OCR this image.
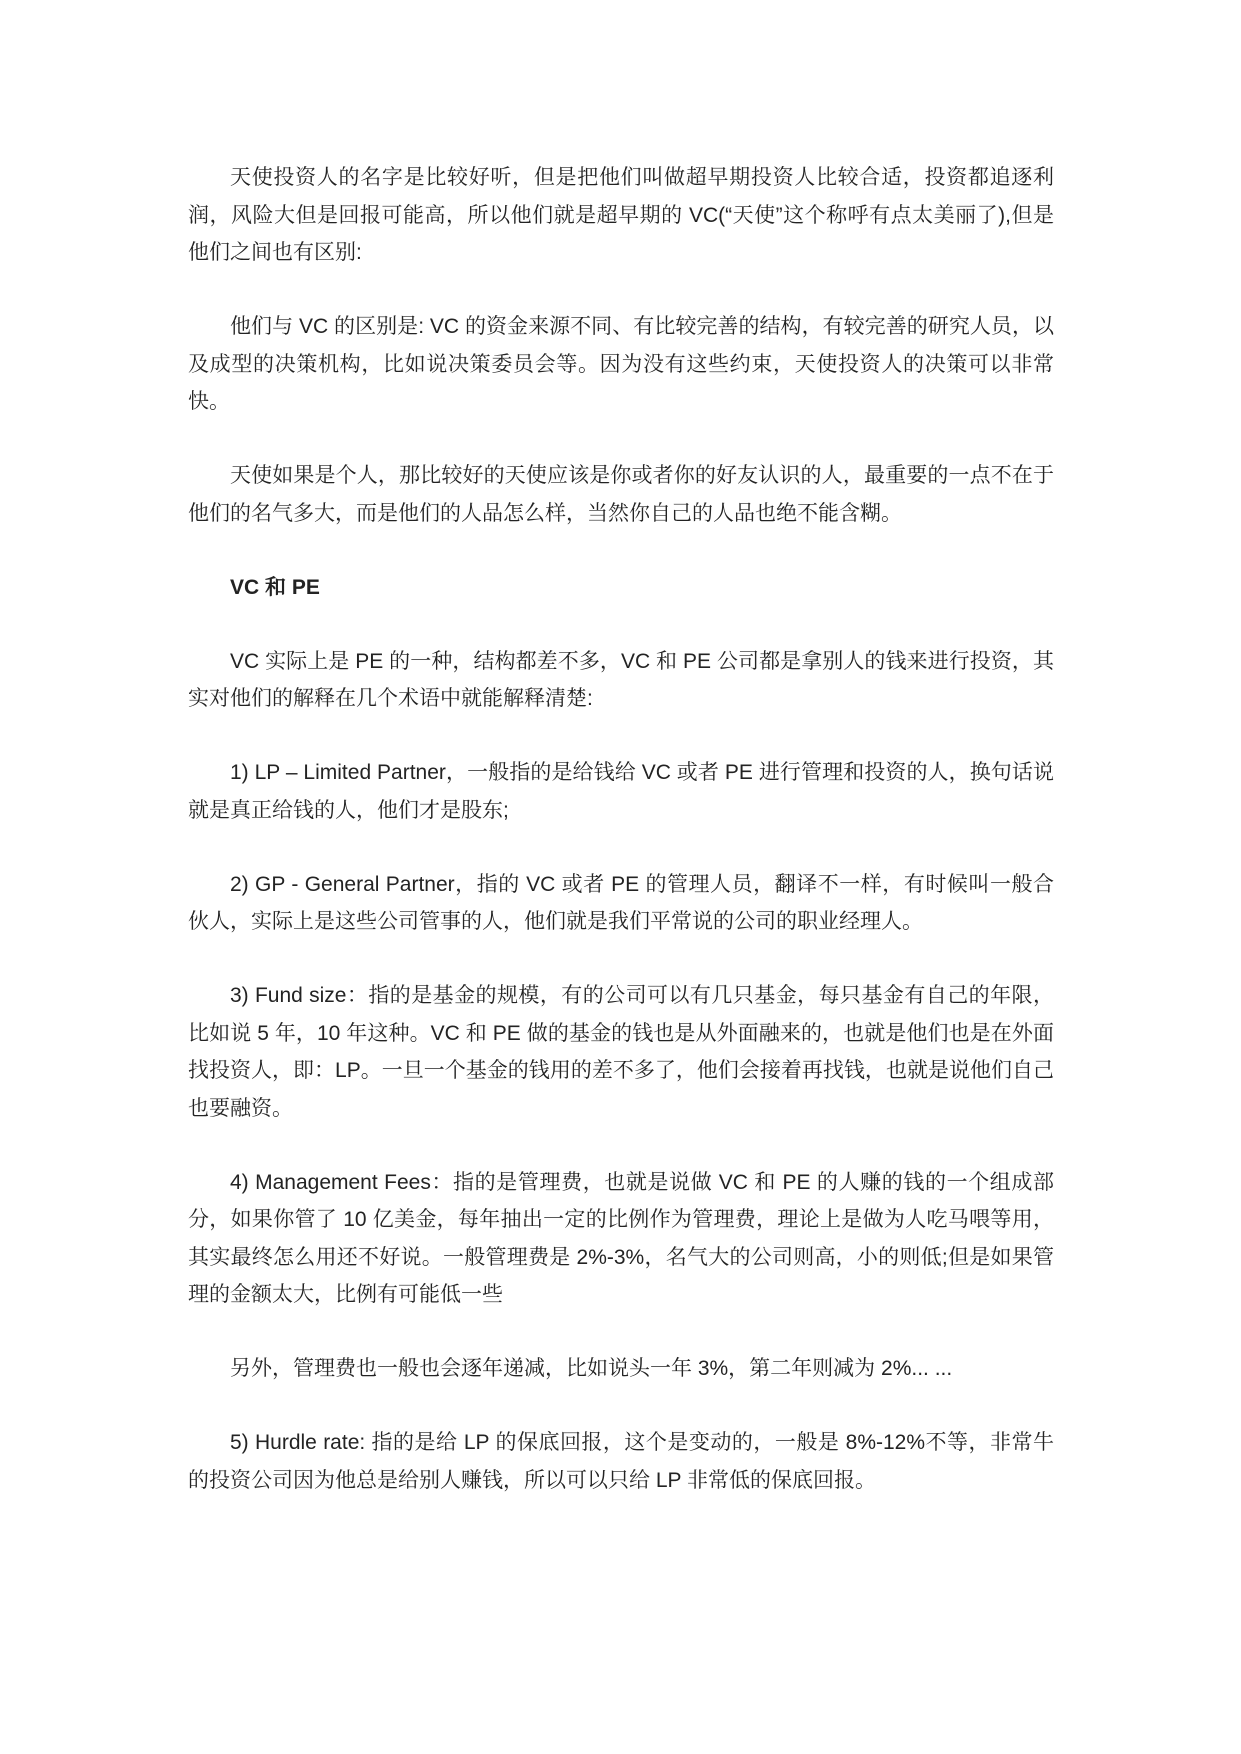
天使投资人的名字是比较好听，但是把他们叫做超早期投资人比较合适，投资都追逐利润，风险大但是回报可能高，所以他们就是超早期的 VC(“天使”这个称呼有点太美丽了),但是他们之间也有区别:

他们与 VC 的区别是: VC 的资金来源不同、有比较完善的结构，有较完善的研究人员，以及成型的决策机构，比如说决策委员会等。因为没有这些约束，天使投资人的决策可以非常快。

天使如果是个人，那比较好的天使应该是你或者你的好友认识的人，最重要的一点不在于他们的名气多大，而是他们的人品怎么样，当然你自己的人品也绝不能含糊。

VC 和 PE

VC 实际上是 PE 的一种，结构都差不多，VC 和 PE 公司都是拿别人的钱来进行投资，其实对他们的解释在几个术语中就能解释清楚:

1) LP – Limited Partner，一般指的是给钱给 VC 或者 PE 进行管理和投资的人，换句话说就是真正给钱的人，他们才是股东;

2) GP - General Partner，指的 VC 或者 PE 的管理人员，翻译不一样，有时候叫一般合伙人，实际上是这些公司管事的人，他们就是我们平常说的公司的职业经理人。

3) Fund size：指的是基金的规模，有的公司可以有几只基金，每只基金有自己的年限，比如说 5 年，10 年这种。VC 和 PE 做的基金的钱也是从外面融来的，也就是他们也是在外面找投资人，即：LP。一旦一个基金的钱用的差不多了，他们会接着再找钱，也就是说他们自己也要融资。

4) Management Fees：指的是管理费，也就是说做 VC 和 PE 的人赚的钱的一个组成部分，如果你管了 10 亿美金，每年抽出一定的比例作为管理费，理论上是做为人吃马喂等用，其实最终怎么用还不好说。一般管理费是 2%-3%，名气大的公司则高，小的则低;但是如果管理的金额太大，比例有可能低一些

另外，管理费也一般也会逐年递减，比如说头一年 3%，第二年则减为 2%... ...

5) Hurdle rate: 指的是给 LP 的保底回报，这个是变动的，一般是 8%-12%不等，非常牛的投资公司因为他总是给别人赚钱，所以可以只给 LP 非常低的保底回报。
